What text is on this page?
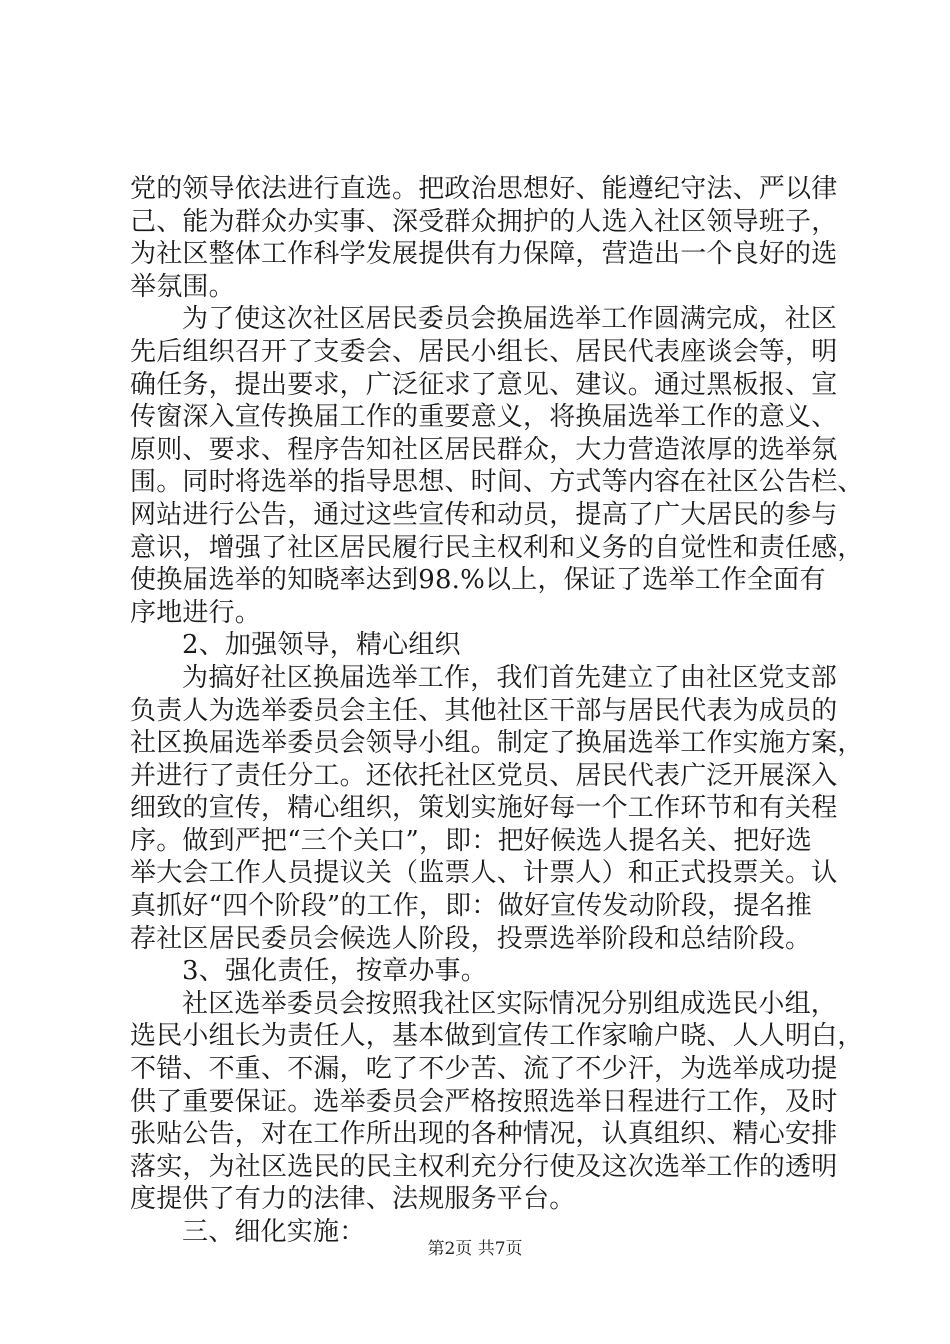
党的领导依法进行直选。把政治思想好、能遵纪守法、严以律
己、能为群众办实事、深受群众拥护的人选入社区领导班子，
为社区整体工作科学发展提供有力保障，营造出一个良好的选
举氛围。
为了使这次社区居民委员会换届选举工作圆满完成，社区
先后组织召开了支委会、居民小组长、居民代表座谈会等，明
确任务，提出要求，广泛征求了意见、建议。通过黑板报、宣
传窗深入宣传换届工作的重要意义，将换届选举工作的意义、
原则、要求、程序告知社区居民群众，大力营造浓厚的选举氛
围。同时将选举的指导思想、时间、方式等内容在社区公告栏、
网站进行公告，通过这些宣传和动员，提高了广大居民的参与
意识，增强了社区居民履行民主权利和义务的自觉性和责任感，
使换届选举的知晓率达到98.%以上，保证了选举工作全面有
序地进行。
2、加强领导，精心组织
为搞好社区换届选举工作，我们首先建立了由社区党支部
负责人为选举委员会主任、其他社区干部与居民代表为成员的
社区换届选举委员会领导小组。制定了换届选举工作实施方案，
并进行了责任分工。还依托社区党员、居民代表广泛开展深入
细致的宣传，精心组织，策划实施好每一个工作环节和有关程
序。做到严把“三个关口”，即：把好候选人提名关、把好选
举大会工作人员提议关（监票人、计票人）和正式投票关。认
真抓好“四个阶段”的工作，即：做好宣传发动阶段，提名推
荐社区居民委员会候选人阶段，投票选举阶段和总结阶段。
3、强化责任，按章办事。
社区选举委员会按照我社区实际情况分别组成选民小组，
选民小组长为责任人，基本做到宣传工作家喻户晓、人人明白，
不错、不重、不漏，吃了不少苦、流了不少汗，为选举成功提
供了重要保证。选举委员会严格按照选举日程进行工作，及时
张贴公告，对在工作所出现的各种情况，认真组织、精心安排
落实，为社区选民的民主权利充分行使及这次选举工作的透明
度提供了有力的法律、法规服务平台。
三、细化实施：
第2页 共7页
